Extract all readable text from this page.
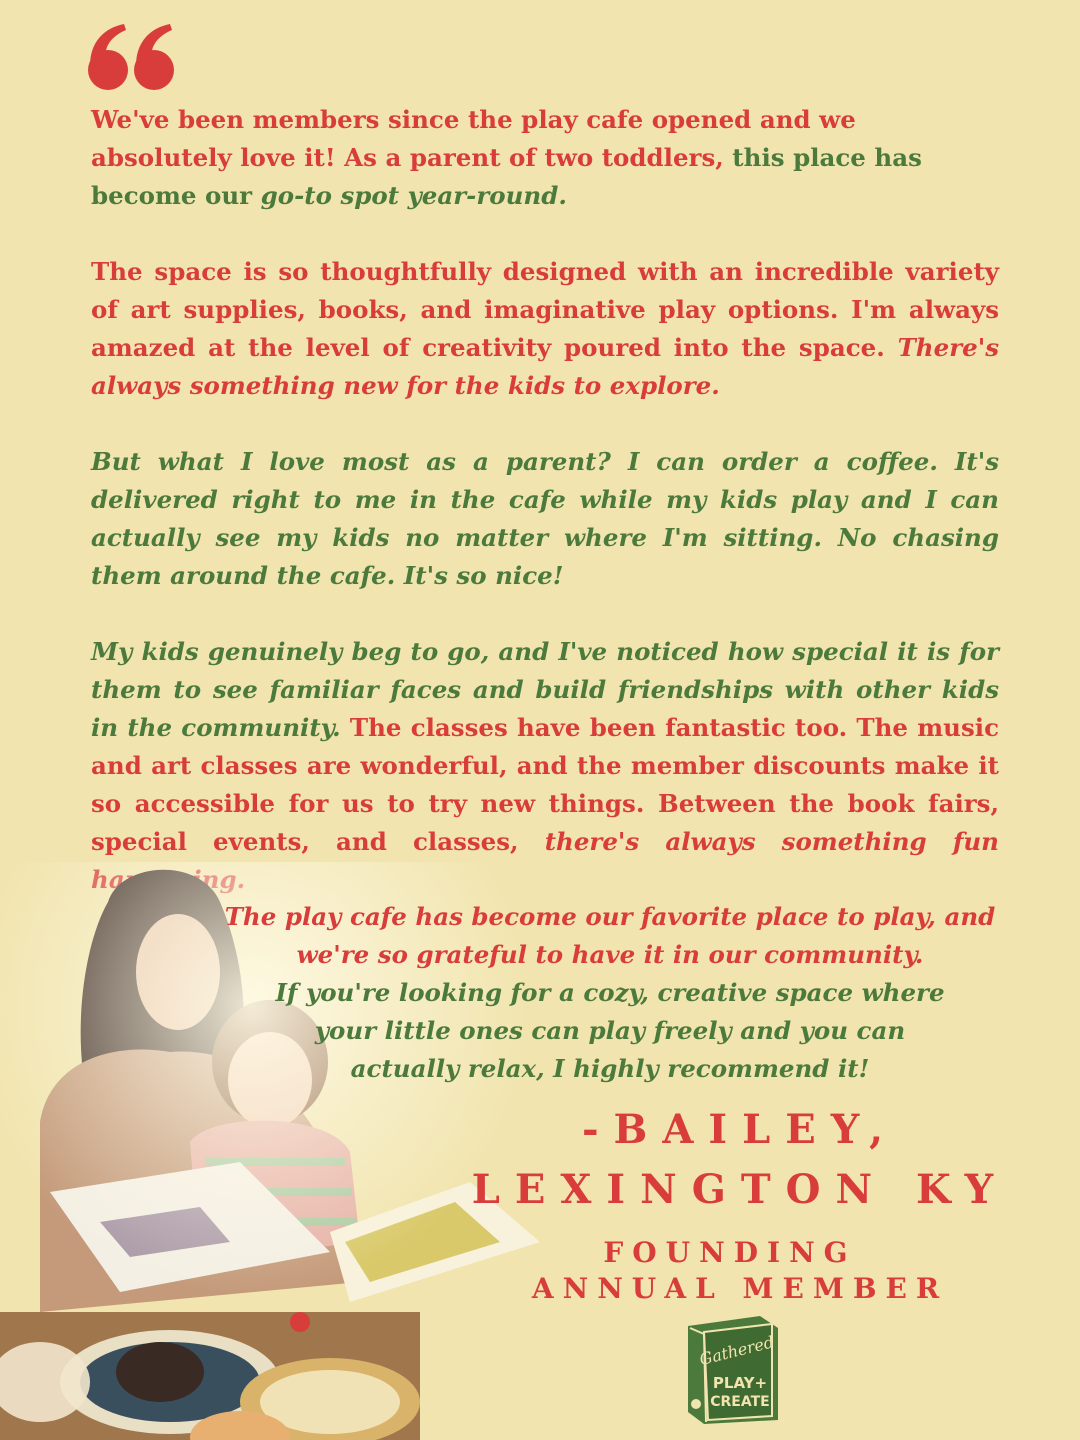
We've been members since the play cafe opened and we absolutely love it! As a parent of two toddlers, this place has become our go-to spot year-round.

The space is so thoughtfully designed with an incredible variety of art supplies, books, and imaginative play options. I'm always amazed at the level of creativity poured into the space. There's always something new for the kids to explore.

But what I love most as a parent? I can order a coffee. It's delivered right to me in the cafe while my kids play and I can actually see my kids no matter where I'm sitting. No chasing them around the cafe. It's so nice!

My kids genuinely beg to go, and I've noticed how special it is for them to see familiar faces and build friendships with other kids in the community. The classes have been fantastic too. The music and art classes are wonderful, and the member discounts make it so accessible for us to try new things. Between the book fairs, special events, and classes, there's always something fun

The play cafe has become our favorite place to play, and
we're so grateful to have it in our community.

If you're looking for a cozy, creative space where
your little ones can play freely and you can
actually relax, I highly recommend it!

-BAILEY,

LEXINGTON KY

FOUNDING

ANNUAL MEMBER

Gathered
PLAY+
CREATE
